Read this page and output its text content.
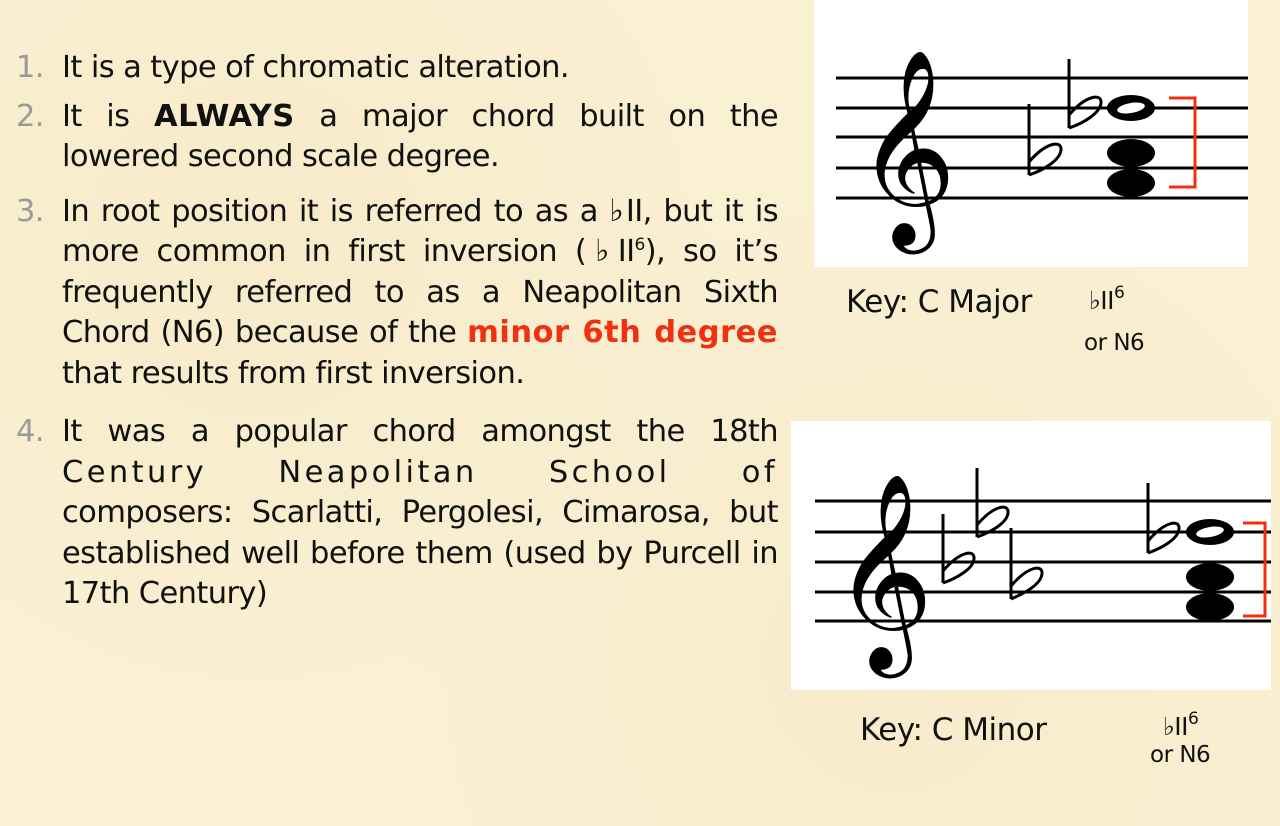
1. It is a type of chromatic alteration.
2. It is ALWAYS a major chord built on the lowered second scale degree.
3. In root position it is referred to as a ♭II, but it is more common in first inversion $(♭II^6)$, so it’s frequently referred to as a Neapolitan Sixth Chord (N6) because of the minor 6th degree that results from first inversion.
4. It was a popular chord amongst the 18th Century Neapolitan School of composers: Scarlatti, Pergolesi, Cimarosa, but established well before them (used by Purcell in 17th Century)
𝄞
Key: C Major $♭II^6$
or N6
𝄞
Key: C Minor	$♭II^6$
or N6
